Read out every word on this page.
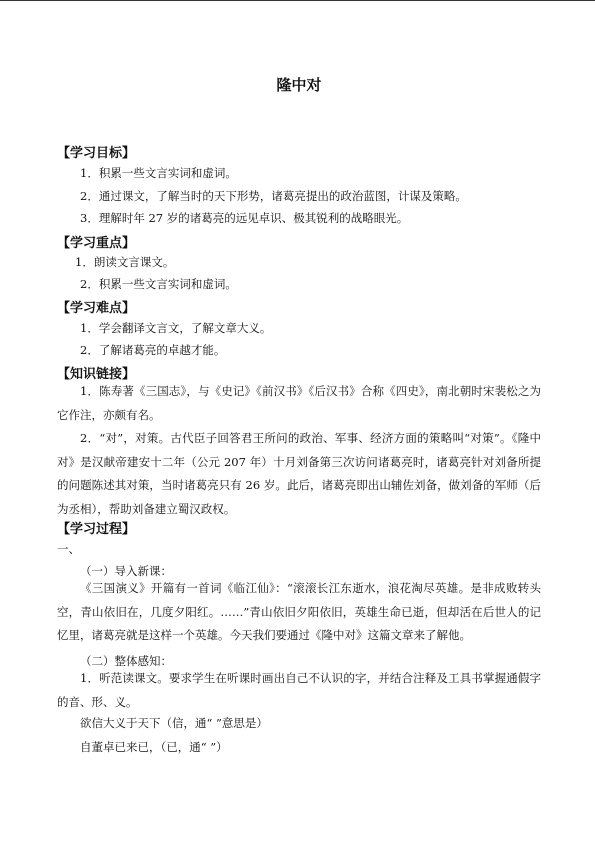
隆中对
【学习目标】
1．积累一些文言实词和虚词。
2．通过课文，了解当时的天下形势，诸葛亮提出的政治蓝图，计谋及策略。
3．理解时年 27 岁的诸葛亮的远见卓识、极其锐利的战略眼光。
【学习重点】
1．朗读文言课文。
2．积累一些文言实词和虚词。
【学习难点】
1．学会翻译文言文，了解文章大义。
2．了解诸葛亮的卓越才能。
【知识链接】
1．陈寿著《三国志》，与《史记》《前汉书》《后汉书》合称《四史》，南北朝时宋裴松之为它作注，亦颇有名。
2．“对”，对策。古代臣子回答君王所问的政治、军事、经济方面的策略叫“对策”。《隆中对》是汉献帝建安十二年（公元 207 年）十月刘备第三次访问诸葛亮时，诸葛亮针对刘备所提的问题陈述其对策，当时诸葛亮只有 26 岁。此后，诸葛亮即出山辅佐刘备，做刘备的军师（后为丞相），帮助刘备建立蜀汉政权。
【学习过程】
一、
（一）导入新课：
《三国演义》开篇有一首词《临江仙》：“滚滚长江东逝水，浪花淘尽英雄。是非成败转头空，青山依旧在，几度夕阳红。……”青山依旧夕阳依旧，英雄生命已逝，但却活在后世人的记忆里，诸葛亮就是这样一个英雄。今天我们要通过《隆中对》这篇文章来了解他。
（二）整体感知：
1．听范读课文。要求学生在听课时画出自己不认识的字，并结合注释及工具书掌握通假字的音、形、义。
欲信大义于天下（信，通“ ”意思是）
自董卓已来已，（已，通“ ”）
